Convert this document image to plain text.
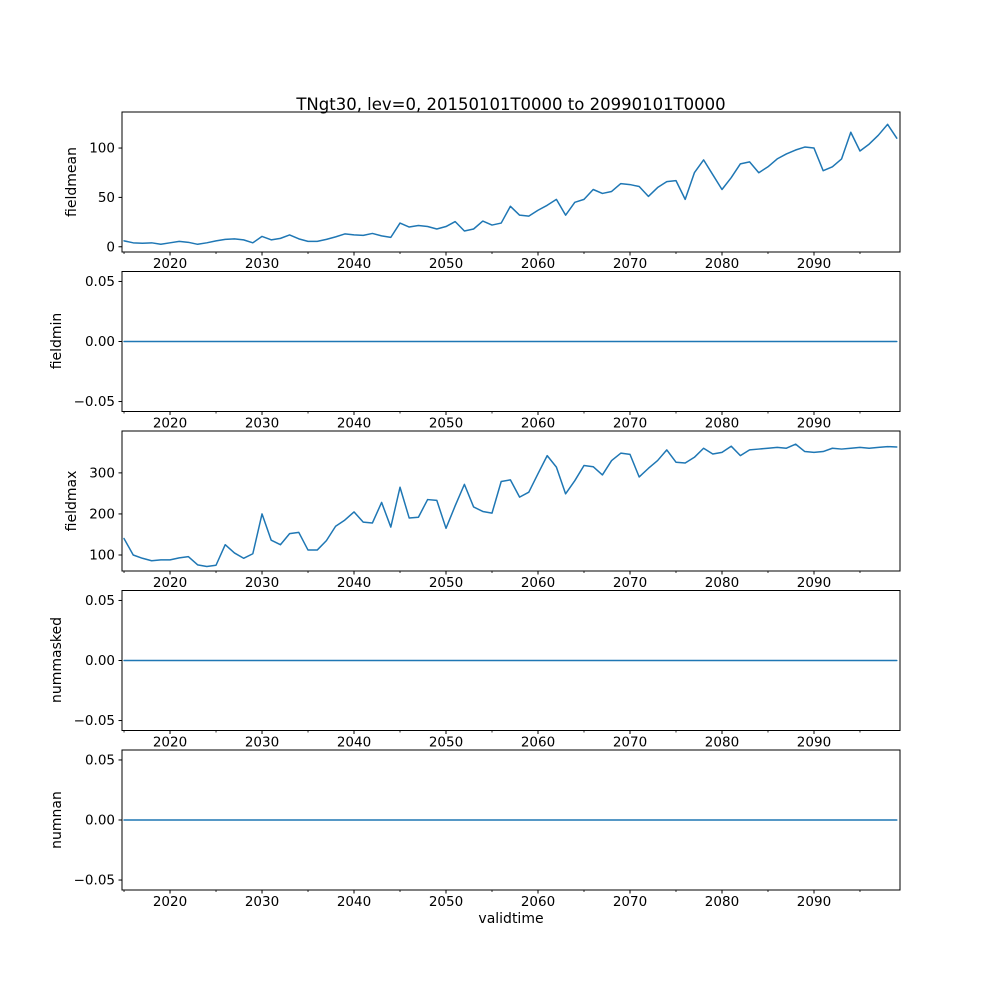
TNgt30, lev=0, 20150101T0000 to 20990101T0000
fieldmean
fieldmin
fieldmax
nummasked
numnan
validtime
2020	2030	2040	2050	2060	2070	2080	2090
0
50
100
2020	2030	2040	2050	2060	2070	2080	2090
−0.05
0.00
0.05
2020	2030	2040	2050	2060	2070	2080	2090
100
200
300
2020	2030	2040	2050	2060	2070	2080	2090
−0.05
0.00
0.05
2020	2030	2040	2050	2060	2070	2080	2090
−0.05
0.00
0.05
